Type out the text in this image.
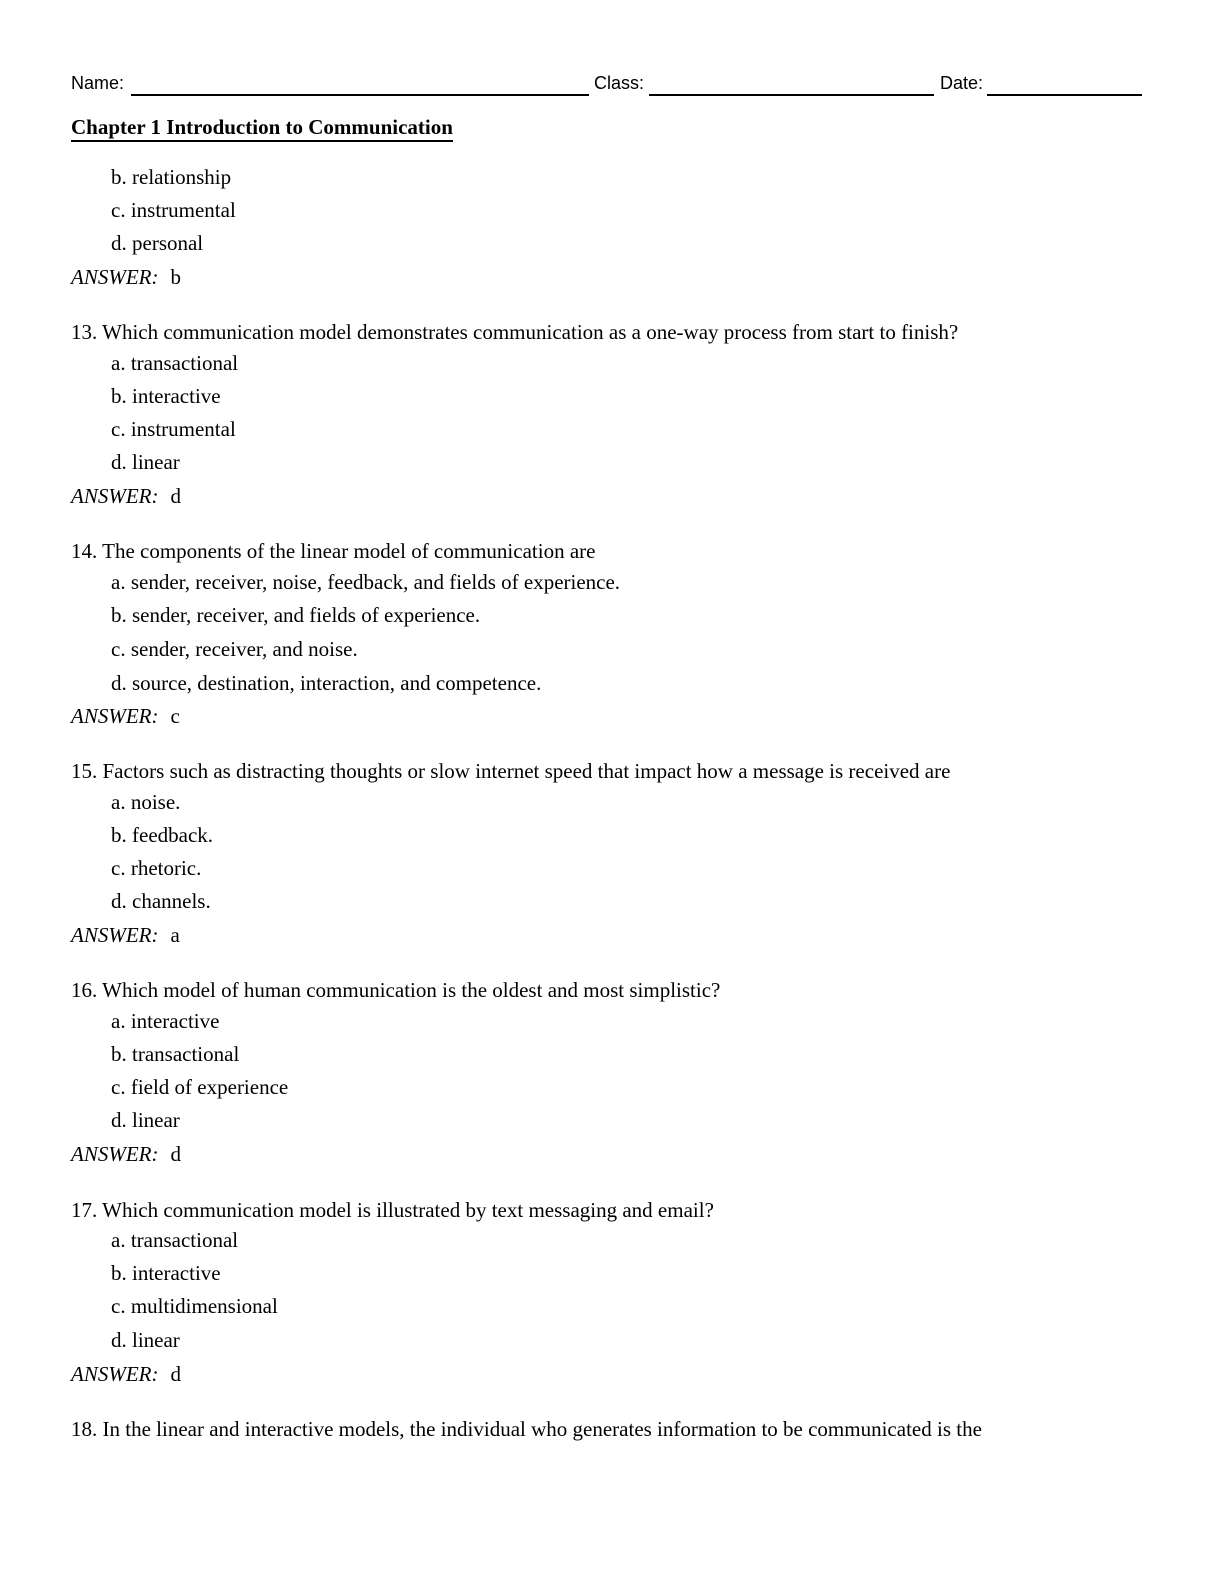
Name:	Class:	Date:
Chapter 1 Introduction to Communication
b. relationship
c. instrumental
d. personal
ANSWER: b
13. Which communication model demonstrates communication as a one-way process from start to finish?
a. transactional
b. interactive
c. instrumental
d. linear
ANSWER: d
14. The components of the linear model of communication are
a. sender, receiver, noise, feedback, and fields of experience.
b. sender, receiver, and fields of experience.
c. sender, receiver, and noise.
d. source, destination, interaction, and competence.
ANSWER: c
15. Factors such as distracting thoughts or slow internet speed that impact how a message is received are
a. noise.
b. feedback.
c. rhetoric.
d. channels.
ANSWER: a
16. Which model of human communication is the oldest and most simplistic?
a. interactive
b. transactional
c. field of experience
d. linear
ANSWER: d
17. Which communication model is illustrated by text messaging and email?
a. transactional
b. interactive
c. multidimensional
d. linear
ANSWER: d
18. In the linear and interactive models, the individual who generates information to be communicated is the
